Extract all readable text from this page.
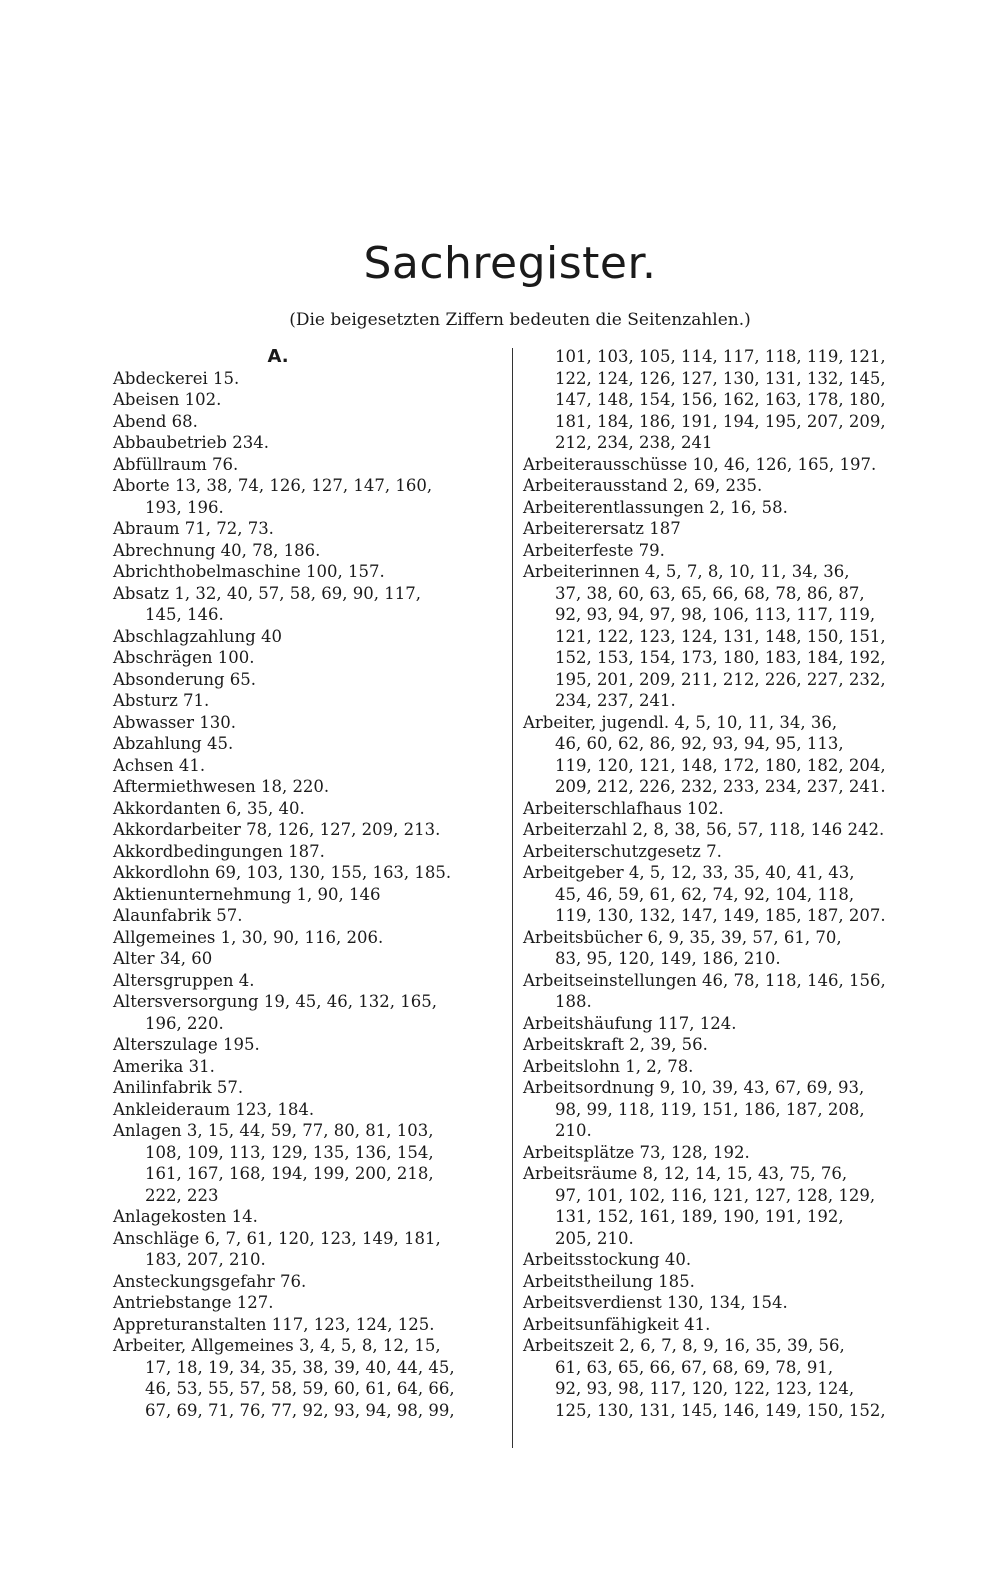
Sachregister.
(Die beigesetzten Ziffern bedeuten die Seitenzahlen.)
A.
Abdeckerei 15.
Abeisen 102.
Abend 68.
Abbaubetrieb 234.
Abfüllraum 76.
Aborte 13, 38, 74, 126, 127, 147, 160,
193, 196.
Abraum 71, 72, 73.
Abrechnung 40, 78, 186.
Abrichthobelmaschine 100, 157.
Absatz 1, 32, 40, 57, 58, 69, 90, 117,
145, 146.
Abschlagzahlung 40
Abschrägen 100.
Absonderung 65.
Absturz 71.
Abwasser 130.
Abzahlung 45.
Achsen 41.
Aftermiethwesen 18, 220.
Akkordanten 6, 35, 40.
Akkordarbeiter 78, 126, 127, 209, 213.
Akkordbedingungen 187.
Akkordlohn 69, 103, 130, 155, 163, 185.
Aktienunternehmung 1, 90, 146
Alaunfabrik 57.
Allgemeines 1, 30, 90, 116, 206.
Alter 34, 60
Altersgruppen 4.
Altersversorgung 19, 45, 46, 132, 165,
196, 220.
Alterszulage 195.
Amerika 31.
Anilinfabrik 57.
Ankleideraum 123, 184.
Anlagen 3, 15, 44, 59, 77, 80, 81, 103,
108, 109, 113, 129, 135, 136, 154,
161, 167, 168, 194, 199, 200, 218,
222, 223
Anlagekosten 14.
Anschläge 6, 7, 61, 120, 123, 149, 181,
183, 207, 210.
Ansteckungsgefahr 76.
Antriebstange 127.
Appreturanstalten 117, 123, 124, 125.
Arbeiter, Allgemeines 3, 4, 5, 8, 12, 15,
17, 18, 19, 34, 35, 38, 39, 40, 44, 45,
46, 53, 55, 57, 58, 59, 60, 61, 64, 66,
67, 69, 71, 76, 77, 92, 93, 94, 98, 99,
101, 103, 105, 114, 117, 118, 119, 121,
122, 124, 126, 127, 130, 131, 132, 145,
147, 148, 154, 156, 162, 163, 178, 180,
181, 184, 186, 191, 194, 195, 207, 209,
212, 234, 238, 241
Arbeiterausschüsse 10, 46, 126, 165, 197.
Arbeiterausstand 2, 69, 235.
Arbeiterentlassungen 2, 16, 58.
Arbeiterersatz 187
Arbeiterfeste 79.
Arbeiterinnen 4, 5, 7, 8, 10, 11, 34, 36,
37, 38, 60, 63, 65, 66, 68, 78, 86, 87,
92, 93, 94, 97, 98, 106, 113, 117, 119,
121, 122, 123, 124, 131, 148, 150, 151,
152, 153, 154, 173, 180, 183, 184, 192,
195, 201, 209, 211, 212, 226, 227, 232,
234, 237, 241.
Arbeiter, jugendl. 4, 5, 10, 11, 34, 36,
46, 60, 62, 86, 92, 93, 94, 95, 113,
119, 120, 121, 148, 172, 180, 182, 204,
209, 212, 226, 232, 233, 234, 237, 241.
Arbeiterschlafhaus 102.
Arbeiterzahl 2, 8, 38, 56, 57, 118, 146 242.
Arbeiterschutzgesetz 7.
Arbeitgeber 4, 5, 12, 33, 35, 40, 41, 43,
45, 46, 59, 61, 62, 74, 92, 104, 118,
119, 130, 132, 147, 149, 185, 187, 207.
Arbeitsbücher 6, 9, 35, 39, 57, 61, 70,
83, 95, 120, 149, 186, 210.
Arbeitseinstellungen 46, 78, 118, 146, 156,
188.
Arbeitshäufung 117, 124.
Arbeitskraft 2, 39, 56.
Arbeitslohn 1, 2, 78.
Arbeitsordnung 9, 10, 39, 43, 67, 69, 93,
98, 99, 118, 119, 151, 186, 187, 208,
210.
Arbeitsplätze 73, 128, 192.
Arbeitsräume 8, 12, 14, 15, 43, 75, 76,
97, 101, 102, 116, 121, 127, 128, 129,
131, 152, 161, 189, 190, 191, 192,
205, 210.
Arbeitsstockung 40.
Arbeitstheilung 185.
Arbeitsverdienst 130, 134, 154.
Arbeitsunfähigkeit 41.
Arbeitszeit 2, 6, 7, 8, 9, 16, 35, 39, 56,
61, 63, 65, 66, 67, 68, 69, 78, 91,
92, 93, 98, 117, 120, 122, 123, 124,
125, 130, 131, 145, 146, 149, 150, 152,
